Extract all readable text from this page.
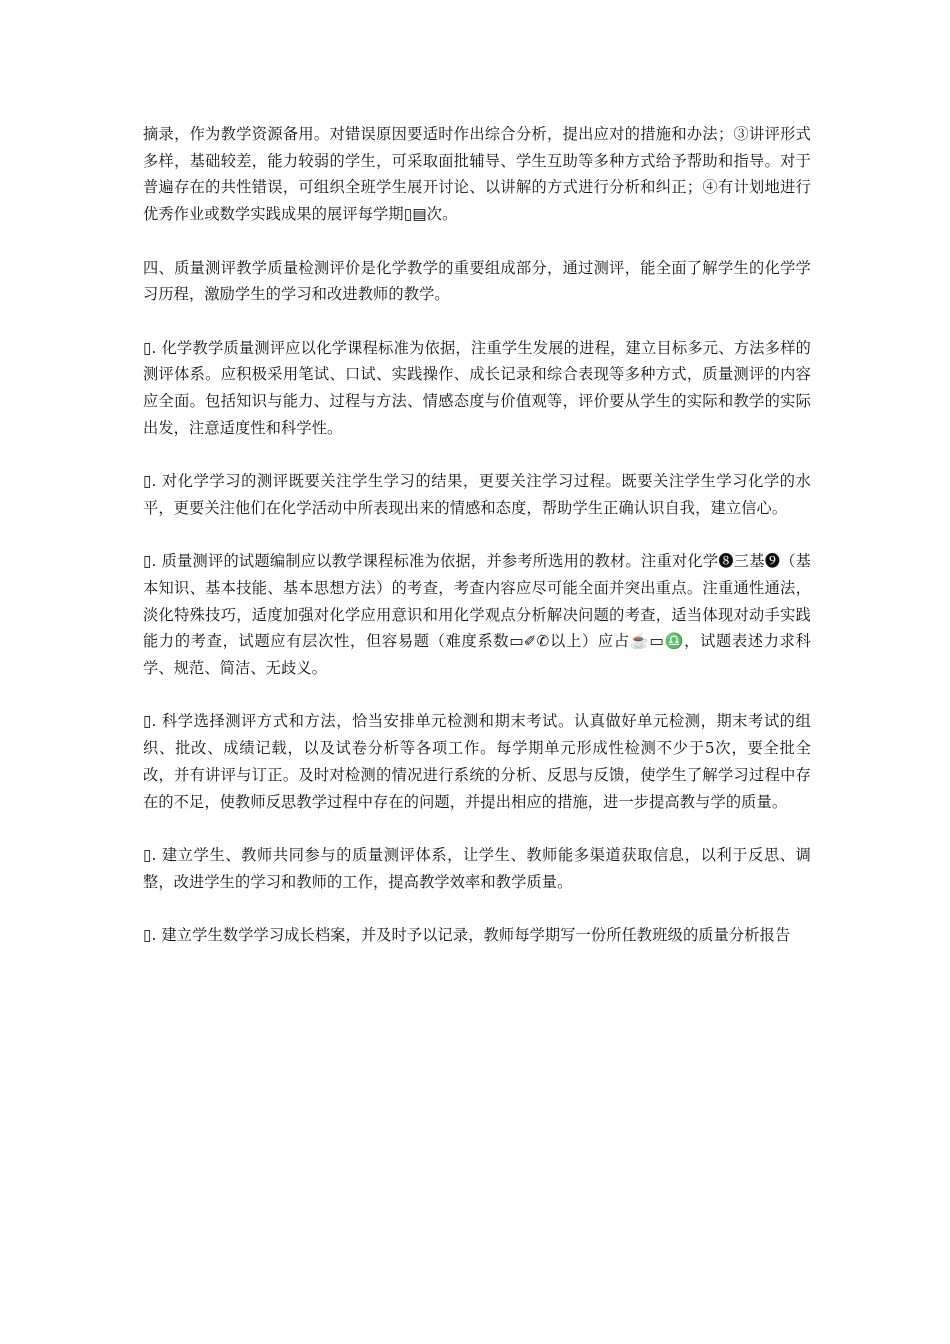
摘录，作为教学资源备用。对错误原因要适时作出综合分析，提出应对的措施和办法；③讲评形式多样，基础较差，能力较弱的学生，可采取面批辅导、学生互助等多种方式给予帮助和指导。对于普遍存在的共性错误，可组织全班学生展开讨论、以讲解的方式进行分析和纠正；④有计划地进行优秀作业或数学实践成果的展评每学期▯▤次。

四、质量测评教学质量检测评价是化学教学的重要组成部分，通过测评，能全面了解学生的化学学习历程，激励学生的学习和改进教师的教学。

▯. 化学教学质量测评应以化学课程标准为依据，注重学生发展的进程，建立目标多元、方法多样的测评体系。应积极采用笔试、口试、实践操作、成长记录和综合表现等多种方式，质量测评的内容应全面。包括知识与能力、过程与方法、情感态度与价值观等，评价要从学生的实际和教学的实际出发，注意适度性和科学性。

▯. 对化学学习的测评既要关注学生学习的结果，更要关注学习过程。既要关注学生学习化学的水平，更要关注他们在化学活动中所表现出来的情感和态度，帮助学生正确认识自我，建立信心。

▯. 质量测评的试题编制应以教学课程标准为依据，并参考所选用的教材。注重对化学❽三基❾（基本知识、基本技能、基本思想方法）的考查，考查内容应尽可能全面并突出重点。注重通性通法，淡化特殊技巧，适度加强对化学应用意识和用化学观点分析解决问题的考查，适当体现对动手实践能力的考查，试题应有层次性，但容易题（难度系数▭✐✆以上）应占☕▭♎，试题表述力求科学、规范、简洁、无歧义。

▯. 科学选择测评方式和方法，恰当安排单元检测和期末考试。认真做好单元检测，期末考试的组织、批改、成绩记载，以及试卷分析等各项工作。每学期单元形成性检测不少于5次，要全批全改，并有讲评与订正。及时对检测的情况进行系统的分析、反思与反馈，使学生了解学习过程中存在的不足，使教师反思教学过程中存在的问题，并提出相应的措施，进一步提高教与学的质量。

▯. 建立学生、教师共同参与的质量测评体系，让学生、教师能多渠道获取信息，以利于反思、调整，改进学生的学习和教师的工作，提高教学效率和教学质量。

▯. 建立学生数学学习成长档案，并及时予以记录，教师每学期写一份所任教班级的质量分析报告
